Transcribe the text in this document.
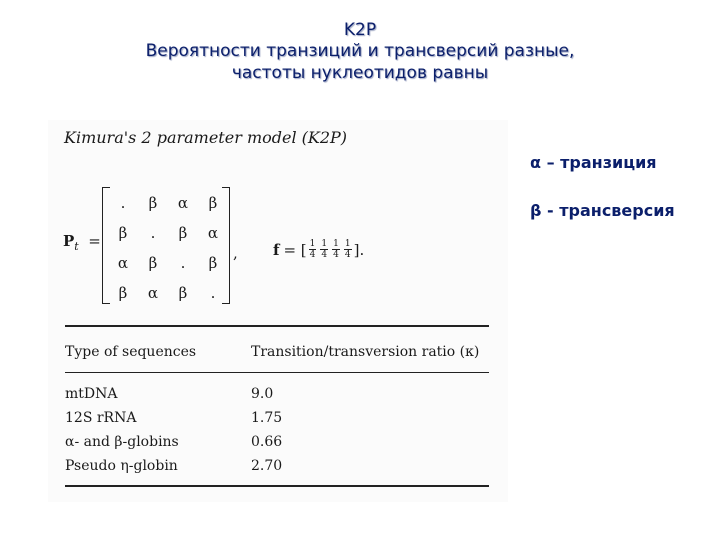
K2P
Вероятности транзиций и трансверсий разные,
частоты нуклеотидов равны
α – транзиция
β - трансверсия
Kimura's 2 parameter model (K2P)
$P_t$ =
.	β	α	β
β	.	β	α
α	β	.	β
β	α	β	.
, f = [ $\frac{1}{4} \frac{1}{4} \frac{1}{4} \frac{1}{4}$ ].
Type of sequences	Transition/transversion ratio (κ)
mtDNA	9.0
12S rRNA	1.75
α- and β-globins	0.66
Pseudo η-globin	2.70
